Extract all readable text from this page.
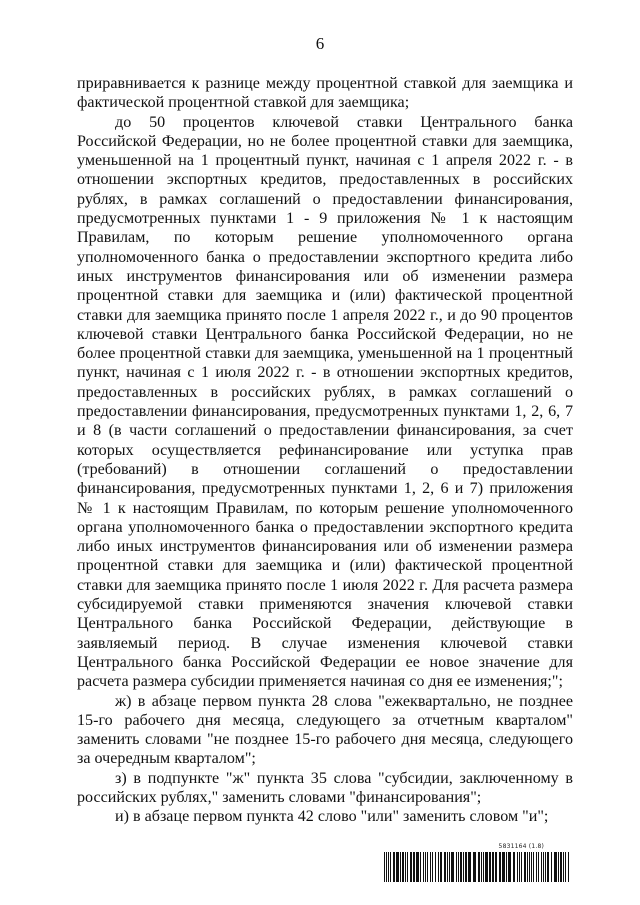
6

приравнивается к разнице между процентной ставкой для заемщика и фактической процентной ставкой для заемщика;

до 50 процентов ключевой ставки Центрального банка Российской Федерации, но не более процентной ставки для заемщика, уменьшенной на 1 процентный пункт, начиная с 1 апреля 2022 г. - в отношении экспортных кредитов, предоставленных в российских рублях, в рамках соглашений о предоставлении финансирования, предусмотренных пунктами 1 - 9 приложения № 1 к настоящим Правилам, по которым решение уполномоченного органа уполномоченного банка о предоставлении экспортного кредита либо иных инструментов финансирования или об изменении размера процентной ставки для заемщика и (или) фактической процентной ставки для заемщика принято после 1 апреля 2022 г., и до 90 процентов ключевой ставки Центрального банка Российской Федерации, но не более процентной ставки для заемщика, уменьшенной на 1 процентный пункт, начиная с 1 июля 2022 г. - в отношении экспортных кредитов, предоставленных в российских рублях, в рамках соглашений о предоставлении финансирования, предусмотренных пунктами 1, 2, 6, 7 и 8 (в части соглашений о предоставлении финансирования, за счет которых осуществляется рефинансирование или уступка прав (требований) в отношении соглашений о предоставлении финансирования, предусмотренных пунктами 1, 2, 6 и 7) приложения № 1 к настоящим Правилам, по которым решение уполномоченного органа уполномоченного банка о предоставлении экспортного кредита либо иных инструментов финансирования или об изменении размера процентной ставки для заемщика и (или) фактической процентной ставки для заемщика принято после 1 июля 2022 г. Для расчета размера субсидируемой ставки применяются значения ключевой ставки Центрального банка Российской Федерации, действующие в заявляемый период. В случае изменения ключевой ставки Центрального банка Российской Федерации ее новое значение для расчета размера субсидии применяется начиная со дня ее изменения;";

ж) в абзаце первом пункта 28 слова "ежеквартально, не позднее 15-го рабочего дня месяца, следующего за отчетным кварталом" заменить словами "не позднее 15-го рабочего дня месяца, следующего за очередным кварталом";

з) в подпункте "ж" пункта 35 слова "субсидии, заключенному в российских рублях," заменить словами "финансирования";

и) в абзаце первом пункта 42 слово "или" заменить словом "и";

5831164 (1.8)
